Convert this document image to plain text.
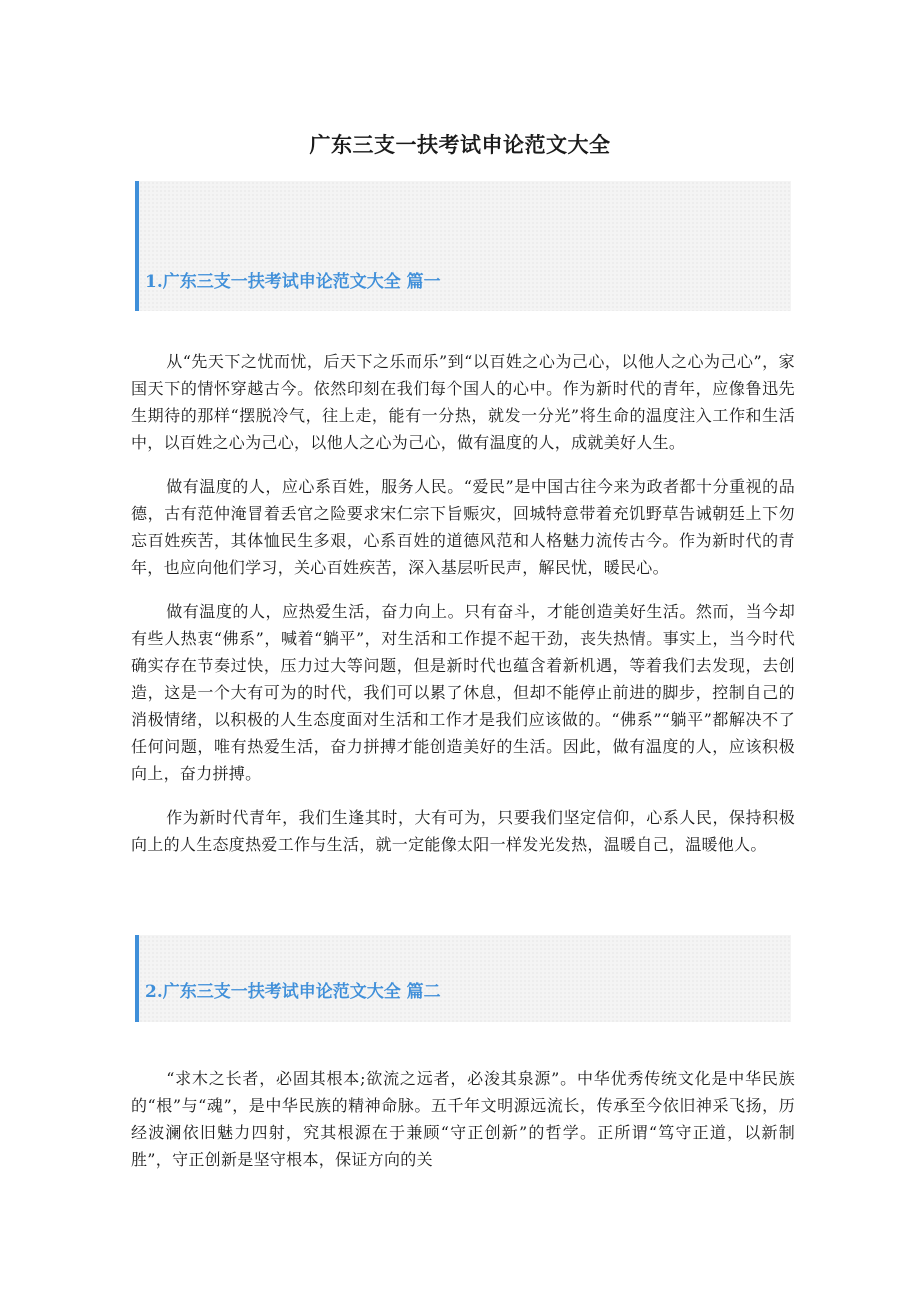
广东三支一扶考试申论范文大全
1.广东三支一扶考试申论范文大全 篇一

从“先天下之忧而忧，后天下之乐而乐”到“以百姓之心为己心，以他人之心为己心”，家国天下的情怀穿越古今。依然印刻在我们每个国人的心中。作为新时代的青年，应像鲁迅先生期待的那样“摆脱冷气，往上走，能有一分热，就发一分光”将生命的温度注入工作和生活中，以百姓之心为己心，以他人之心为己心，做有温度的人，成就美好人生。

做有温度的人，应心系百姓，服务人民。“爱民”是中国古往今来为政者都十分重视的品德，古有范仲淹冒着丢官之险要求宋仁宗下旨赈灾，回城特意带着充饥野草告诫朝廷上下勿忘百姓疾苦，其体恤民生多艰，心系百姓的道德风范和人格魅力流传古今。作为新时代的青年，也应向他们学习，关心百姓疾苦，深入基层听民声，解民忧，暖民心。

做有温度的人，应热爱生活，奋力向上。只有奋斗，才能创造美好生活。然而，当今却有些人热衷“佛系”，喊着“躺平”，对生活和工作提不起干劲，丧失热情。事实上，当今时代确实存在节奏过快，压力过大等问题，但是新时代也蕴含着新机遇，等着我们去发现，去创造，这是一个大有可为的时代，我们可以累了休息，但却不能停止前进的脚步，控制自己的消极情绪，以积极的人生态度面对生活和工作才是我们应该做的。“佛系”“躺平”都解决不了任何问题，唯有热爱生活，奋力拼搏才能创造美好的生活。因此，做有温度的人，应该积极向上，奋力拼搏。

作为新时代青年，我们生逢其时，大有可为，只要我们坚定信仰，心系人民，保持积极向上的人生态度热爱工作与生活，就一定能像太阳一样发光发热，温暖自己，温暖他人。

2.广东三支一扶考试申论范文大全 篇二

“求木之长者，必固其根本;欲流之远者，必浚其泉源”。中华优秀传统文化是中华民族的“根”与“魂”，是中华民族的精神命脉。五千年文明源远流长，传承至今依旧神采飞扬，历经波澜依旧魅力四射，究其根源在于兼顾“守正创新”的哲学。正所谓“笃守正道，以新制胜”，守正创新是坚守根本，保证方向的关
